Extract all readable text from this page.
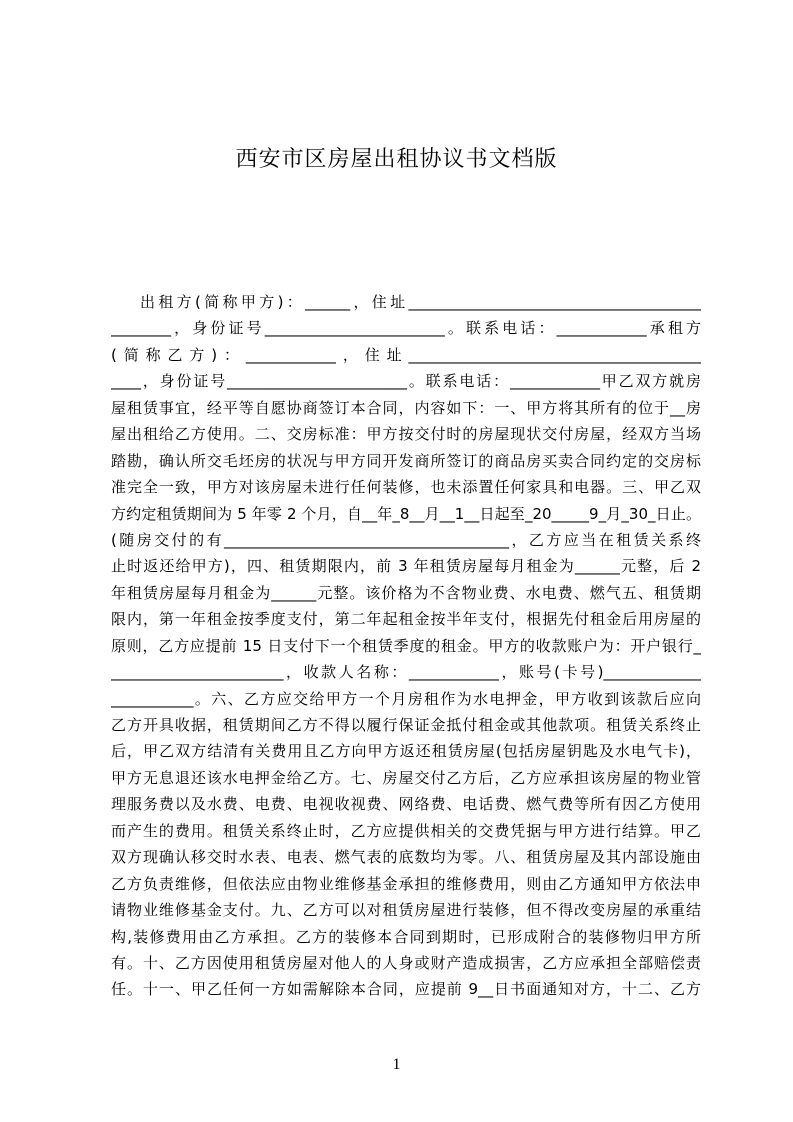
西安市区房屋出租协议书文档版
出租方(简称甲方)：______，住址_______________________________________
________，身份证号________________________。联系电话：____________承租方
(简称乙方)：____________，住址_______________________________________
____，身份证号________________________。联系电话：____________甲乙双方就房
屋租赁事宜，经平等自愿协商签订本合同，内容如下：一、甲方将其所有的位于__房
屋出租给乙方使用。二、交房标准：甲方按交付时的房屋现状交付房屋，经双方当场
踏勘，确认所交毛坯房的状况与甲方同开发商所签订的商品房买卖合同约定的交房标
准完全一致，甲方对该房屋未进行任何装修，也未添置任何家具和电器。三、甲乙双
方约定租赁期间为 5 年零 2 个月，自__年_8__月__1__日起至_20_____9_月_30_日止。
(随房交付的有______________________________________，乙方应当在租赁关系终
止时返还给甲方)，四、租赁期限内，前 3 年租赁房屋每月租金为______元整，后 2
年租赁房屋每月租金为______元整。该价格为不含物业费、水电费、燃气五、租赁期
限内，第一年租金按季度支付，第二年起租金按半年支付，根据先付租金后用房屋的
原则，乙方应提前 15 日支付下一个租赁季度的租金。甲方的收款账户为：开户银行_
_______________________，收款人名称：____________，账号(卡号)_____________
___________。六、乙方应交给甲方一个月房租作为水电押金，甲方收到该款后应向
乙方开具收据，租赁期间乙方不得以履行保证金抵付租金或其他款项。租赁关系终止
后，甲乙双方结清有关费用且乙方向甲方返还租赁房屋(包括房屋钥匙及水电气卡)，
甲方无息退还该水电押金给乙方。七、房屋交付乙方后，乙方应承担该房屋的物业管
理服务费以及水费、电费、电视收视费、网络费、电话费、燃气费等所有因乙方使用
而产生的费用。租赁关系终止时，乙方应提供相关的交费凭据与甲方进行结算。甲乙
双方现确认移交时水表、电表、燃气表的底数均为零。八、租赁房屋及其内部设施由
乙方负责维修，但依法应由物业维修基金承担的维修费用，则由乙方通知甲方依法申
请物业维修基金支付。九、乙方可以对租赁房屋进行装修，但不得改变房屋的承重结
构,装修费用由乙方承担。乙方的装修本合同到期时，已形成附合的装修物归甲方所
有。十、乙方因使用租赁房屋对他人的人身或财产造成损害，乙方应承担全部赔偿责
任。十一、甲乙任何一方如需解除本合同，应提前 9__日书面通知对方，十二、乙方
1
